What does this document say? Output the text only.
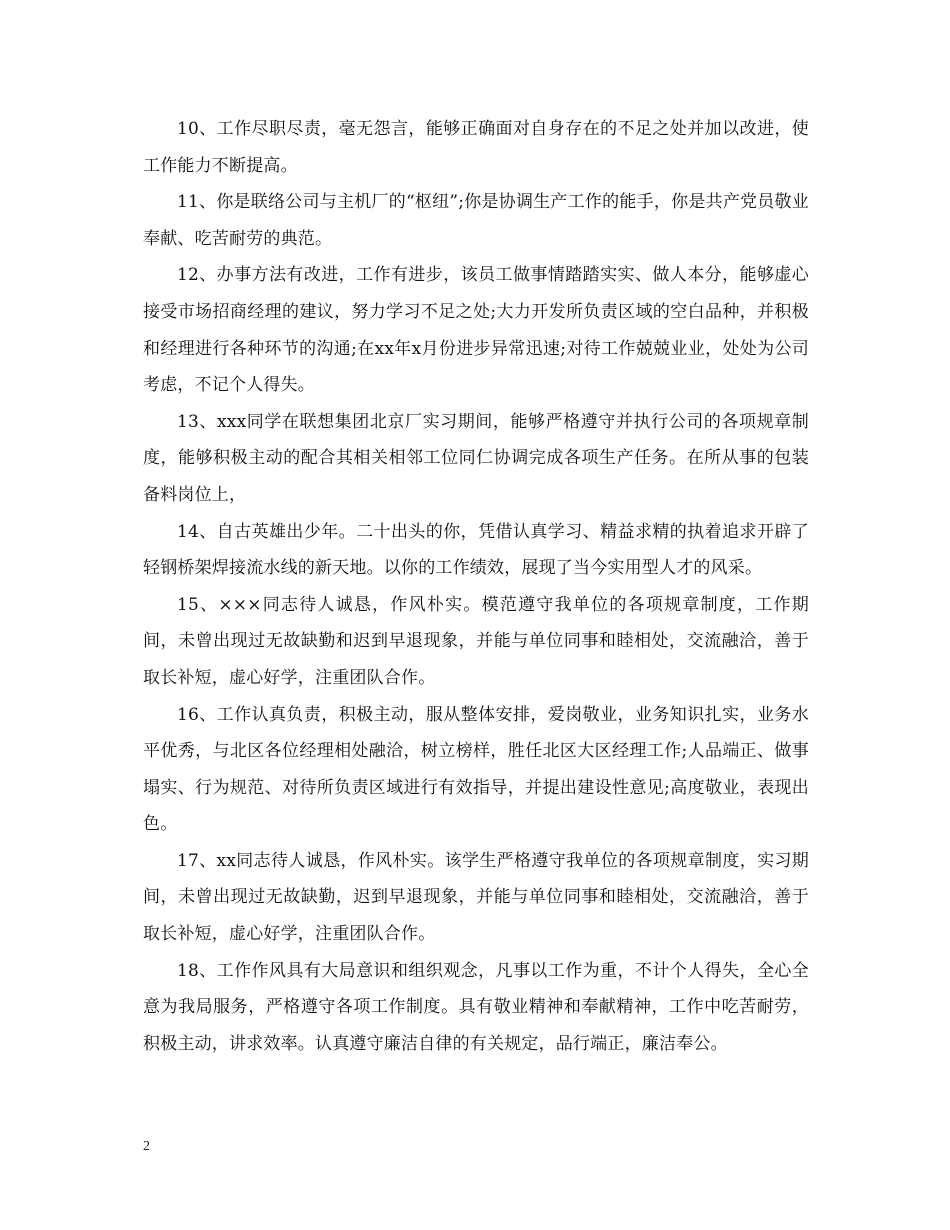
10、工作尽职尽责，毫无怨言，能够正确面对自身存在的不足之处并加以改进，使工作能力不断提高。

11、你是联络公司与主机厂的“枢纽”;你是协调生产工作的能手，你是共产党员敬业奉献、吃苦耐劳的典范。

12、办事方法有改进，工作有进步，该员工做事情踏踏实实、做人本分，能够虚心接受市场招商经理的建议，努力学习不足之处;大力开发所负责区域的空白品种，并积极和经理进行各种环节的沟通;在xx年x月份进步异常迅速;对待工作兢兢业业，处处为公司考虑，不记个人得失。

13、xxx同学在联想集团北京厂实习期间，能够严格遵守并执行公司的各项规章制度，能够积极主动的配合其相关相邻工位同仁协调完成各项生产任务。在所从事的包装备料岗位上，

14、自古英雄出少年。二十出头的你，凭借认真学习、精益求精的执着追求开辟了轻钢桥架焊接流水线的新天地。以你的工作绩效，展现了当今实用型人才的风采。

15、×××同志待人诚恳，作风朴实。模范遵守我单位的各项规章制度，工作期间，未曾出现过无故缺勤和迟到早退现象，并能与单位同事和睦相处，交流融洽，善于取长补短，虚心好学，注重团队合作。

16、工作认真负责，积极主动，服从整体安排，爱岗敬业，业务知识扎实，业务水平优秀，与北区各位经理相处融洽，树立榜样，胜任北区大区经理工作;人品端正、做事塌实、行为规范、对待所负责区域进行有效指导，并提出建设性意见;高度敬业，表现出色。

17、xx同志待人诚恳，作风朴实。该学生严格遵守我单位的各项规章制度，实习期间，未曾出现过无故缺勤，迟到早退现象，并能与单位同事和睦相处，交流融洽，善于取长补短，虚心好学，注重团队合作。

18、工作作风具有大局意识和组织观念，凡事以工作为重，不计个人得失，全心全意为我局服务，严格遵守各项工作制度。具有敬业精神和奉献精神，工作中吃苦耐劳，积极主动，讲求效率。认真遵守廉洁自律的有关规定，品行端正，廉洁奉公。

2
